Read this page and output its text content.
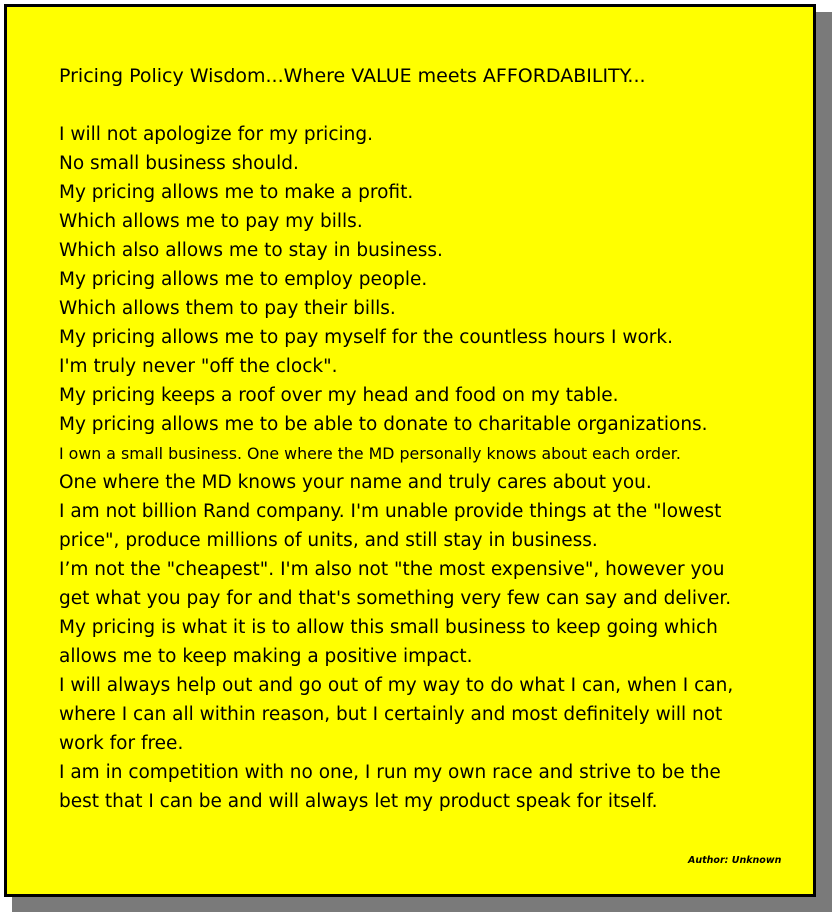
Pricing Policy Wisdom...Where VALUE meets AFFORDABILITY...
I will not apologize for my pricing.
No small business should.
My pricing allows me to make a profit.
Which allows me to pay my bills.
Which also allows me to stay in business.
My pricing allows me to employ people.
Which allows them to pay their bills.
My pricing allows me to pay myself for the countless hours I work.
I'm truly never "off the clock".
My pricing keeps a roof over my head and food on my table.
My pricing allows me to be able to donate to charitable organizations.
I own a small business. One where the MD personally knows about each order.
One where the MD knows your name and truly cares about you.
I am not billion Rand company. I'm unable provide things at the "lowest
price", produce millions of units, and still stay in business.
I’m not the "cheapest". I'm also not "the most expensive", however you
get what you pay for and that's something very few can say and deliver.
My pricing is what it is to allow this small business to keep going which
allows me to keep making a positive impact.
I will always help out and go out of my way to do what I can, when I can,
where I can all within reason, but I certainly and most definitely will not
work for free.
I am in competition with no one, I run my own race and strive to be the
best that I can be and will always let my product speak for itself.
Author: Unknown
